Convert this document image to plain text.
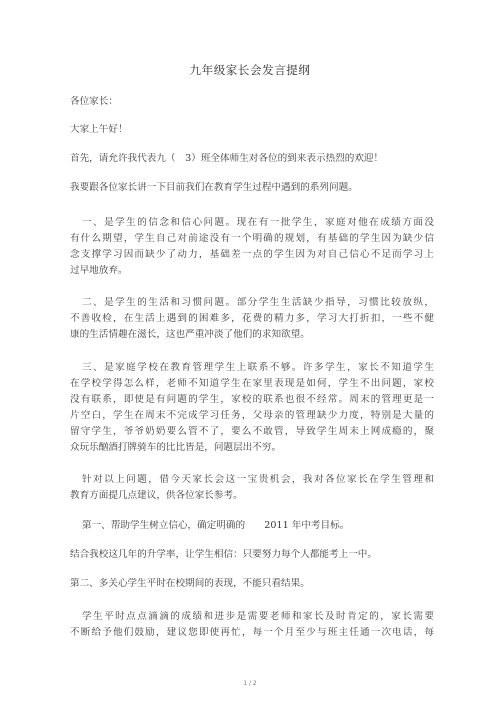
九年级家长会发言提纲
各位家长：
大家上午好！
首先，请允许我代表九（　3）班全体师生对各位的到来表示热烈的欢迎！
我要跟各位家长讲一下目前我们在教育学生过程中遇到的系列问题。
一、是学生的信念和信心问题。现在有一批学生，家庭对他在成绩方面没
有什么期望，学生自己对前途没有一个明确的规划，有基础的学生因为缺少信
念支撑学习因而缺少了动力，基础差一点的学生因为对自己信心不足而学习上
过早地放弃。
二、是学生的生活和习惯问题。部分学生生活缺少指导，习惯比较放纵，
不善收检，在生活上遇到的困难多，花费的精力多，学习大打折扣，一些不健
康的生活情趣在滋长，这也严重冲淡了他们的求知欲望。
三、是家庭学校在教育管理学生上联系不够。许多学生，家长不知道学生
在学校学得怎么样，老师不知道学生在家里表现是如何，学生不出问题，家校
没有联系，即使是有问题的学生，家校的联系也很不经常。周末的管理更是一
片空白，学生在周末不完成学习任务，父母亲的管理缺少力度，特别是大量的
留守学生，爷爷奶奶要么管不了，要么不敢管，导致学生周末上网成瘾的，聚
众玩乐酗酒打牌骑车的比比皆是，问题层出不穷。
针对以上问题，借今天家长会这一宝贵机会，我对各位家长在学生管理和
教育方面提几点建议，供各位家长参考。
第一、帮助学生树立信心，确定明确的　　2011 年中考目标。
结合我校这几年的升学率，让学生相信：只要努力每个人都能考上一中。
第二、多关心学生平时在校期间的表现，不能只看结果。
学生平时点点滴滴的成绩和进步是需要老师和家长及时肯定的，家长需要
不断给予他们鼓励，建议您即使再忙，每一个月至少与班主任通一次电话，每
1 / 2
